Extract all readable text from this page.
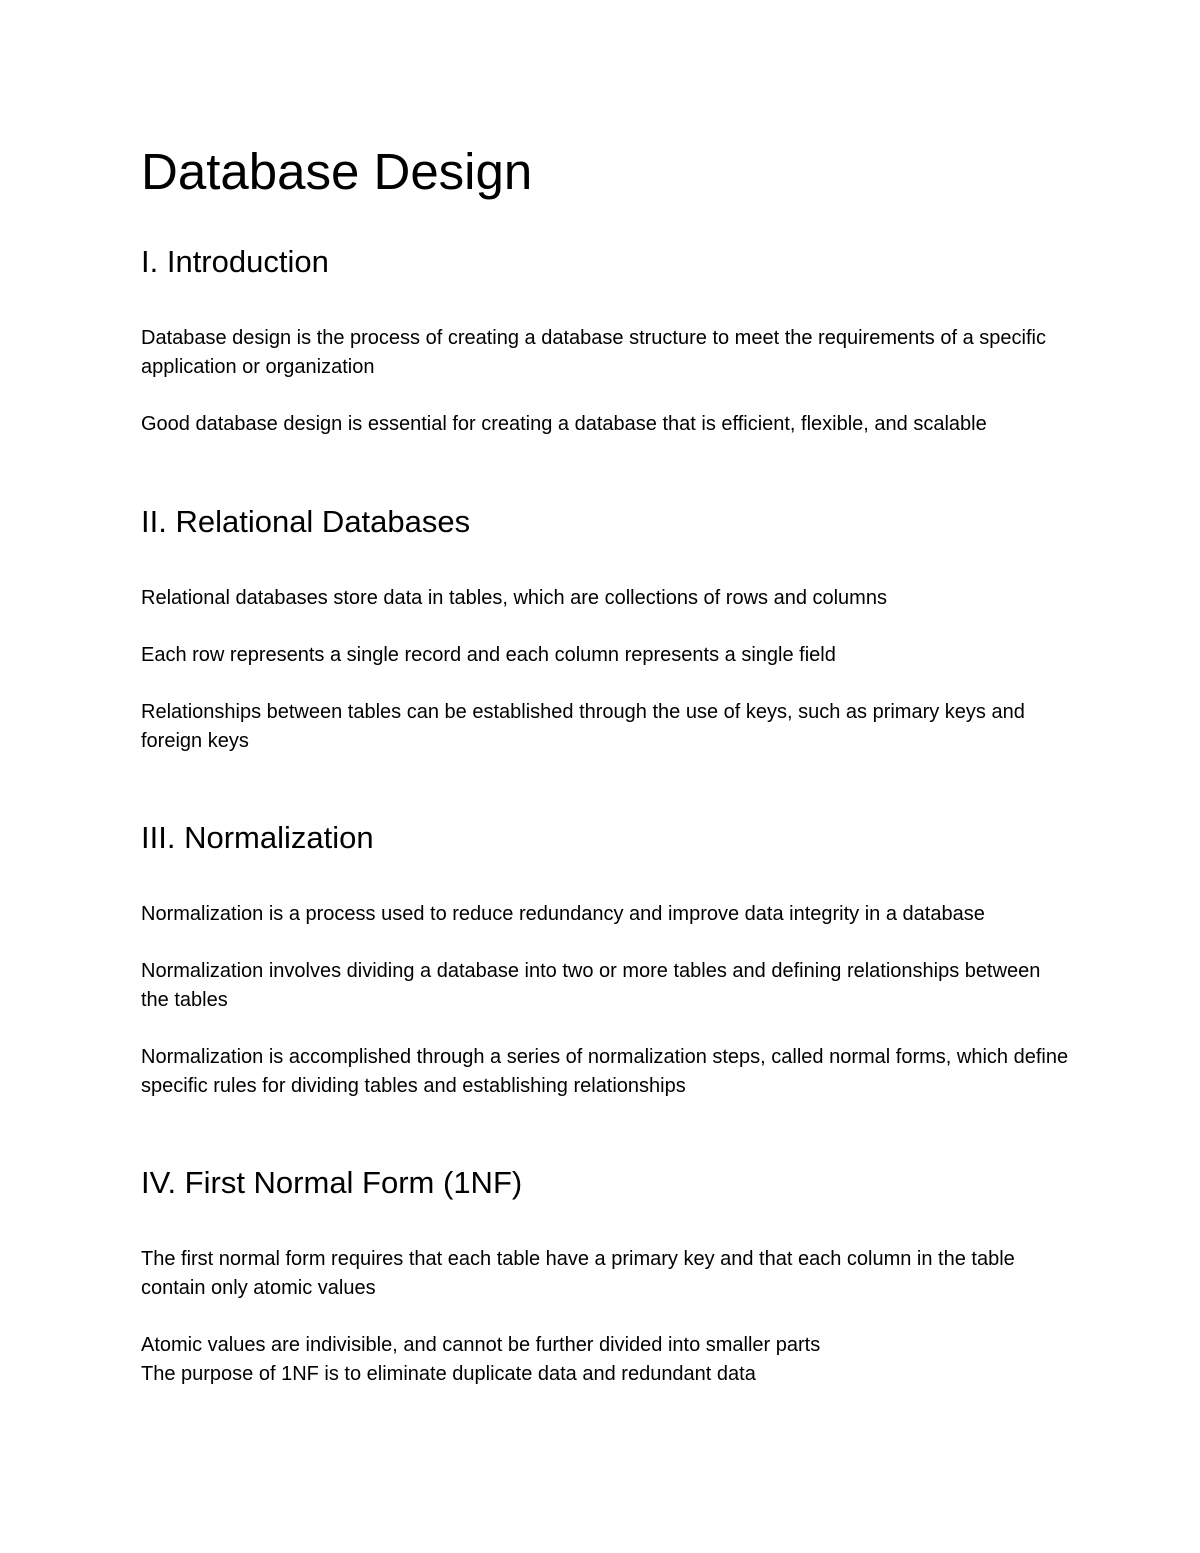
Database Design
I. Introduction

Database design is the process of creating a database structure to meet the requirements of a specific application or organization

Good database design is essential for creating a database that is efficient, flexible, and scalable

II. Relational Databases

Relational databases store data in tables, which are collections of rows and columns

Each row represents a single record and each column represents a single field

Relationships between tables can be established through the use of keys, such as primary keys and foreign keys

III. Normalization

Normalization is a process used to reduce redundancy and improve data integrity in a database

Normalization involves dividing a database into two or more tables and defining relationships between the tables

Normalization is accomplished through a series of normalization steps, called normal forms, which define specific rules for dividing tables and establishing relationships

IV. First Normal Form (1NF)

The first normal form requires that each table have a primary key and that each column in the table contain only atomic values

Atomic values are indivisible, and cannot be further divided into smaller parts

The purpose of 1NF is to eliminate duplicate data and redundant data
